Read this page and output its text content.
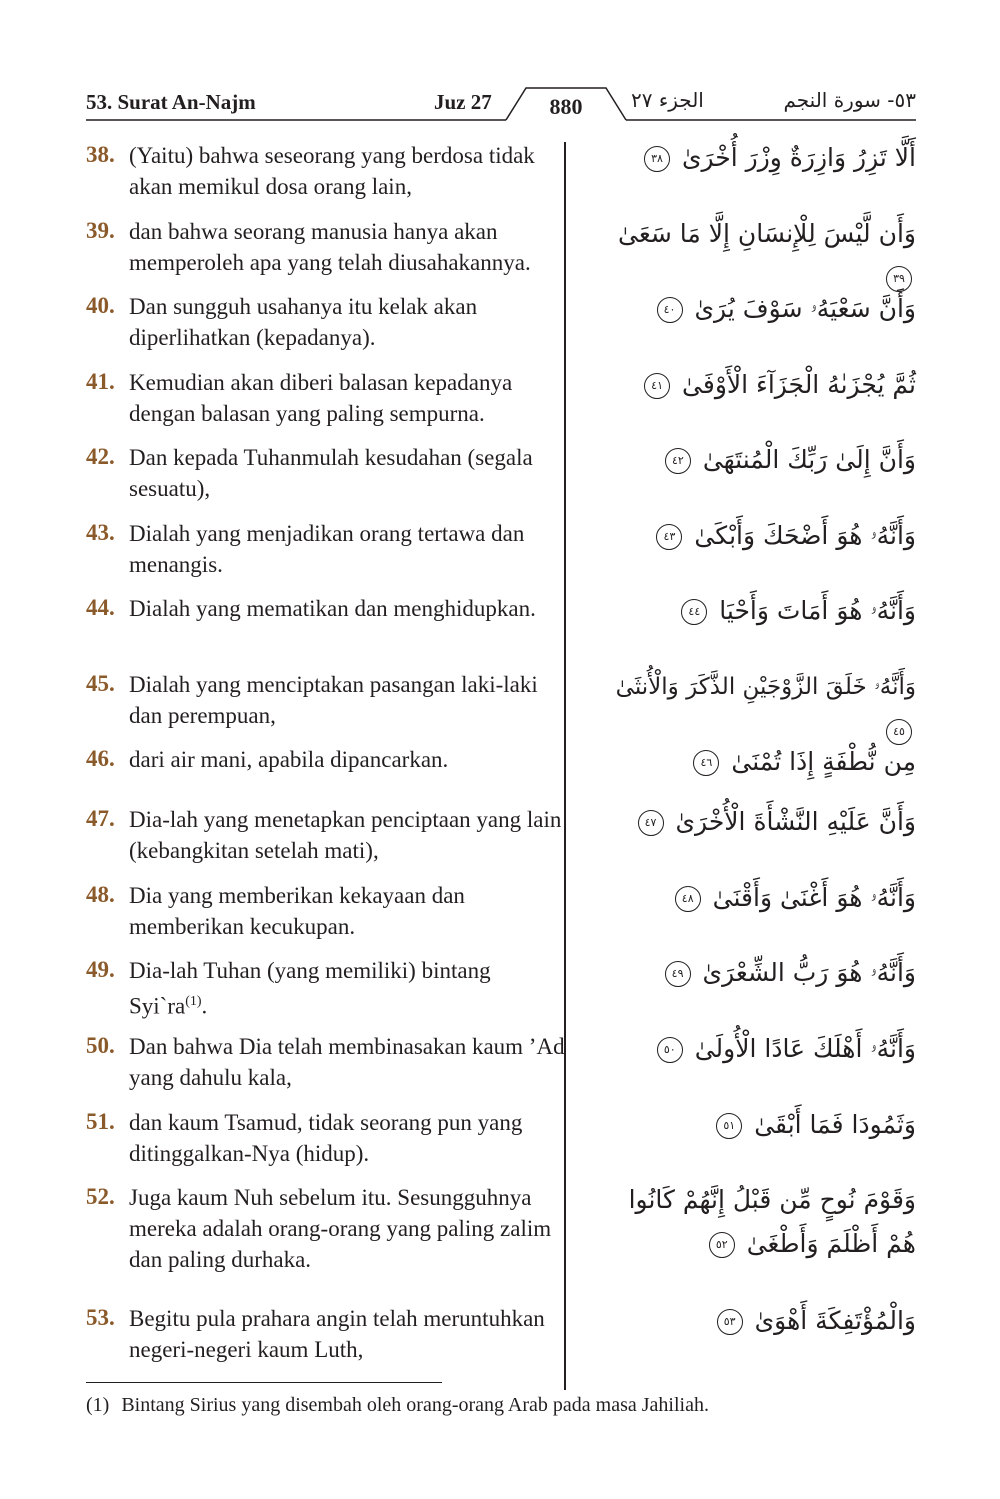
53. Surat An-Najm	Juz 27	880	الجزء ٢٧	٥٣- سورة النجم
38. (Yaitu) bahwa seseorang yang berdosa tidak akan memikul dosa orang lain,
أَلَّا تَزِرُ وَازِرَةٌ وِزْرَ أُخْرَىٰ ٣٨
39. dan bahwa seorang manusia hanya akan memperoleh apa yang telah diusahakannya.
وَأَن لَّيْسَ لِلْإِنسَانِ إِلَّا مَا سَعَىٰ ٣٩
40. Dan sungguh usahanya itu kelak akan diperlihatkan (kepadanya).
وَأَنَّ سَعْيَهُۥ سَوْفَ يُرَىٰ ٤٠
41. Kemudian akan diberi balasan kepadanya dengan balasan yang paling sempurna.
ثُمَّ يُجْزَىٰهُ الْجَزَآءَ الْأَوْفَىٰ ٤١
42. Dan kepada Tuhanmulah kesudahan (segala sesuatu),
وَأَنَّ إِلَىٰ رَبِّكَ الْمُنتَهَىٰ ٤٢
43. Dialah yang menjadikan orang tertawa dan menangis.
وَأَنَّهُۥ هُوَ أَضْحَكَ وَأَبْكَىٰ ٤٣
44. Dialah yang mematikan dan menghidupkan.	وَأَنَّهُۥ هُوَ أَمَاتَ وَأَحْيَا ٤٤
45. Dialah yang menciptakan pasangan laki-laki dan perempuan,
وَأَنَّهُۥ خَلَقَ الزَّوْجَيْنِ الذَّكَرَ وَالْأُنثَىٰ ٤٥
46. dari air mani, apabila dipancarkan.	مِن نُّطْفَةٍ إِذَا تُمْنَىٰ ٤٦
47. Dia-lah yang menetapkan penciptaan yang lain (kebangkitan setelah mati),
وَأَنَّ عَلَيْهِ النَّشْأَةَ الْأُخْرَىٰ ٤٧
48. Dia yang memberikan kekayaan dan memberikan kecukupan.
وَأَنَّهُۥ هُوَ أَغْنَىٰ وَأَقْنَىٰ ٤٨
49. Dia-lah Tuhan (yang memiliki) bintang $Syi`ra^{(1)}$.
وَأَنَّهُۥ هُوَ رَبُّ الشِّعْرَىٰ ٤٩
50. Dan bahwa Dia telah membinasakan kaum ’Ad yang dahulu kala,
وَأَنَّهُۥ أَهْلَكَ عَادًا الْأُولَىٰ ٥٠
51. dan kaum Tsamud, tidak seorang pun yang ditinggalkan-Nya (hidup).
وَثَمُودَا فَمَا أَبْقَىٰ ٥١
52. Juga kaum Nuh sebelum itu. Sesungguhnya mereka adalah orang-orang yang paling zalim dan paling durhaka.
وَقَوْمَ نُوحٍ مِّن قَبْلُ إِنَّهُمْ كَانُوا هُمْ أَظْلَمَ وَأَطْغَىٰ ٥٢
53. Begitu pula prahara angin telah meruntuhkan negeri-negeri kaum Luth,
وَالْمُؤْتَفِكَةَ أَهْوَىٰ ٥٣
(1) Bintang Sirius yang disembah oleh orang-orang Arab pada masa Jahiliah.
